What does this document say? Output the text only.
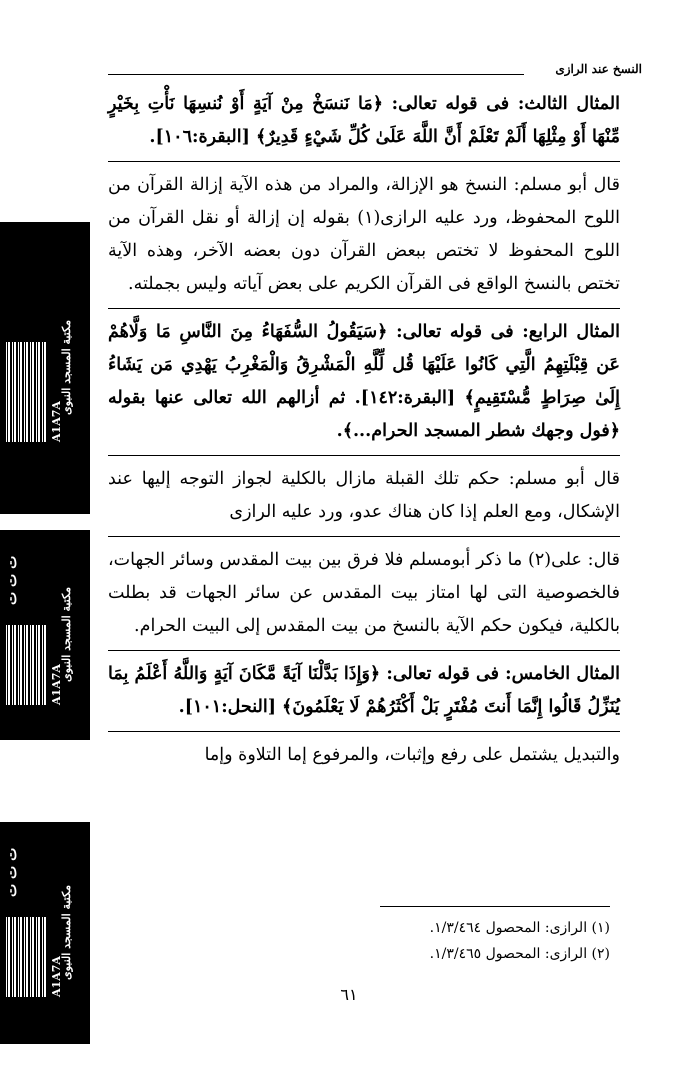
النسخ عند الرازى

المثال الثالث: فى قوله تعالى: ﴿مَا نَنسَخْ مِنْ آيَةٍ أَوْ نُنسِهَا نَأْتِ بِخَيْرٍ مِّنْهَا أَوْ مِثْلِهَا أَلَمْ تَعْلَمْ أَنَّ اللَّهَ عَلَىٰ كُلِّ شَيْءٍ قَدِيرٌ﴾ [البقرة:١٠٦].

قال أبو مسلم: النسخ هو الإزالة، والمراد من هذه الآية إزالة القرآن من اللوح المحفوظ، ورد عليه الرازى(١) بقوله إن إزالة أو نقل القرآن من اللوح المحفوظ لا تختص ببعض القرآن دون بعضه الآخر، وهذه الآية تختص بالنسخ الواقع فى القرآن الكريم على بعض آياته وليس بجملته.

المثال الرابع: فى قوله تعالى: ﴿سَيَقُولُ السُّفَهَاءُ مِنَ النَّاسِ مَا وَلَّاهُمْ عَن قِبْلَتِهِمُ الَّتِي كَانُوا عَلَيْهَا قُل لِّلَّهِ الْمَشْرِقُ وَالْمَغْرِبُ يَهْدِي مَن يَشَاءُ إِلَىٰ صِرَاطٍ مُّسْتَقِيمٍ﴾ [البقرة:١٤٢]. ثم أزالهم الله تعالى عنها بقوله ﴿فول وجهك شطر المسجد الحرام...﴾.

قال أبو مسلم: حكم تلك القبلة مازال بالكلية لجواز التوجه إليها عند الإشكال، ومع العلم إذا كان هناك عدو، ورد عليه الرازى

قال: على(٢) ما ذكر أبومسلم فلا فرق بين بيت المقدس وسائر الجهات، فالخصوصية التى لها امتاز بيت المقدس عن سائر الجهات قد بطلت بالكلية، فيكون حكم الآية بالنسخ من بيت المقدس إلى البيت الحرام.

المثال الخامس: فى قوله تعالى: ﴿وَإِذَا بَدَّلْنَا آيَةً مَّكَانَ آيَةٍ وَاللَّهُ أَعْلَمُ بِمَا يُنَزِّلُ قَالُوا إِنَّمَا أَنتَ مُفْتَرٍ بَلْ أَكْثَرُهُمْ لَا يَعْلَمُونَ﴾ [النحل:١٠١].

والتبديل يشتمل على رفع وإثبات، والمرفوع إما التلاوة وإما

(١) الرازى: المحصول ١/٣/٤٦٤.
(٢) الرازى: المحصول ١/٣/٤٦٥.
٦١
٢١٦،١ ت ت ت
A1A7A
مكتبة المسجد النبوى
ت ت ت
A1A7A
مكتبة المسجد النبوى
ت ت ت
A1A7A
مكتبة المسجد النبوى
